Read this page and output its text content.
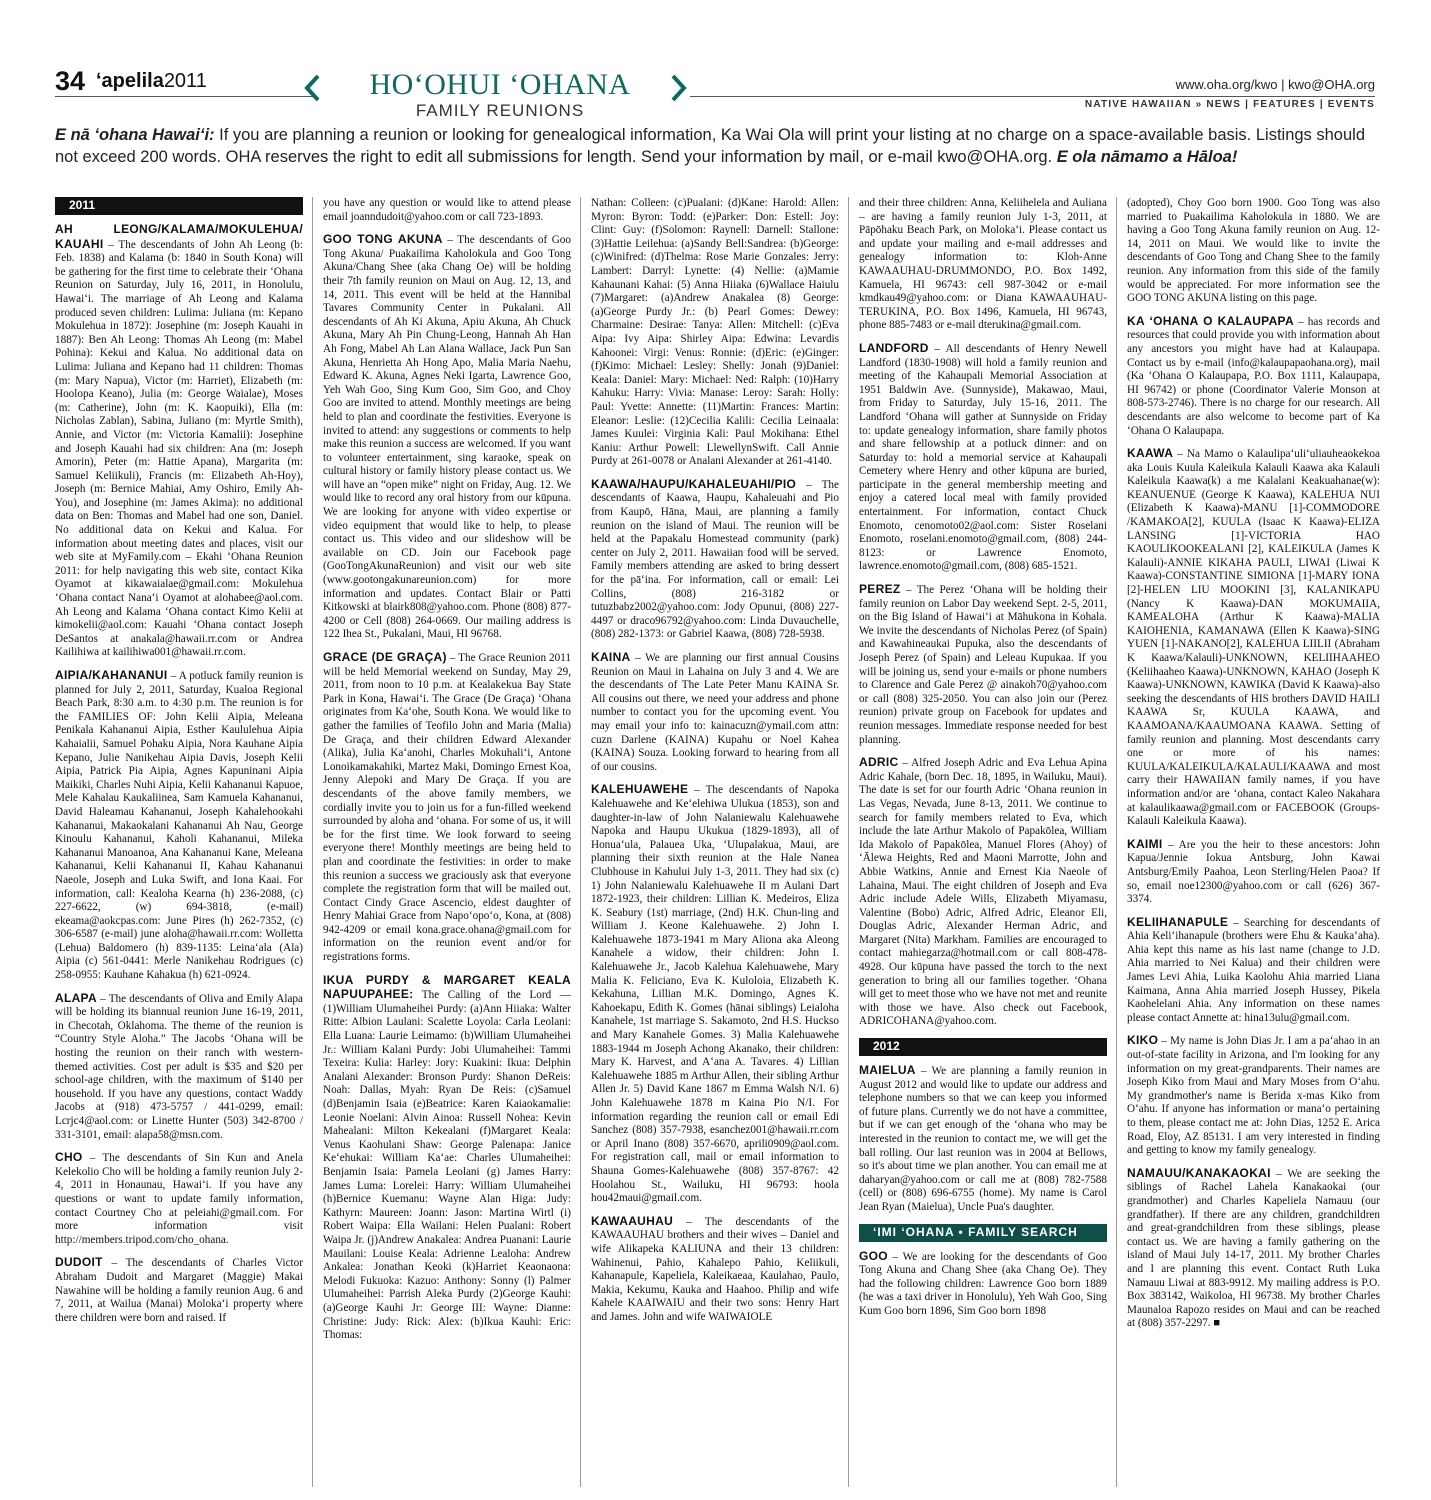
34 ʻapelila2011	HOʻOHUI ʻOHANA
FAMILY REUNIONS
www.oha.org/kwo | kwo@OHA.org
NATIVE HAWAIIAN » NEWS | FEATURES | EVENTS
E nā ʻohana Hawaiʻi: If you are planning a reunion or looking for genealogical information, Ka Wai Ola will print your listing at no charge on a space-available basis. Listings should not exceed 200 words. OHA reserves the right to edit all submissions for length. Send your information by mail, or e-mail kwo@OHA.org. E ola nāmamo a Hāloa!
2011

AH LEONG/KALAMA/MOKULEHUA/ KAUAHI – The descendants of John Ah Leong (b: Feb. 1838) and Kalama (b: 1840 in South Kona) will be gathering for the first time to celebrate their ʻOhana Reunion on Saturday, July 16, 2011, in Honolulu, Hawaiʻi. The marriage of Ah Leong and Kalama produced seven children: Lulima: Juliana (m: Kepano Mokulehua in 1872): Josephine (m: Joseph Kauahi in 1887): Ben Ah Leong: Thomas Ah Leong (m: Mabel Pohina): Kekui and Kalua. No additional data on Lulima: Juliana and Kepano had 11 children: Thomas (m: Mary Napua), Victor (m: Harriet), Elizabeth (m: Hoolopa Keano), Julia (m: George Waialae), Moses (m: Catherine), John (m: K. Kaopuiki), Ella (m: Nicholas Zablan), Sabina, Juliano (m: Myrtle Smith), Annie, and Victor (m: Victoria Kamalii): Josephine and Joseph Kauahi had six children: Ana (m: Joseph Amorin), Peter (m: Hattie Apana), Margarita (m: Samuel Keliikuli), Francis (m: Elizabeth Ah-Hoy), Joseph (m: Bernice Mahiai, Amy Oshiro, Emily Ah-You), and Josephine (m: James Akima): no additional data on Ben: Thomas and Mabel had one son, Daniel. No additional data on Kekui and Kalua. For information about meeting dates and places, visit our web site at MyFamily.com – Ekahi ʻOhana Reunion 2011: for help navigating this web site, contact Kika Oyamot at kikawaialae@gmail.com: Mokulehua ʻOhana contact Nanaʻi Oyamot at alohabee@aol.com. Ah Leong and Kalama ʻOhana contact Kimo Kelii at kimokelii@aol.com: Kauahi ʻOhana contact Joseph DeSantos at anakala@hawaii.rr.com or Andrea Kailihiwa at kailihiwa001@hawaii.rr.com.

AIPIA/KAHANANUI – A potluck family reunion is planned for July 2, 2011, Saturday, Kualoa Regional Beach Park, 8:30 a.m. to 4:30 p.m. The reunion is for the FAMILIES OF: John Kelii Aipia, Meleana Penikala Kahananui Aipia, Esther Kaululehua Aipia Kahaialii, Samuel Pohaku Aipia, Nora Kauhane Aipia Kepano, Julie Nanikehau Aipia Davis, Joseph Kelii Aipia, Patrick Pia Aipia, Agnes Kapuninani Aipia Maikiki, Charles Nuhi Aipia, Kelii Kahananui Kapuoe, Mele Kahalau Kaukaliinea, Sam Kamuela Kahananui, David Haleamau Kahananui, Joseph Kahalehookahi Kahananui, Makaokalani Kahananui Ah Nau, George Kinoulu Kahananui, Kaholi Kahananui, Mileka Kahananui Manoanoa, Ana Kahananui Kane, Meleana Kahananui, Kelii Kahananui II, Kahau Kahananui Naeole, Joseph and Luka Swift, and Iona Kaai. For information, call: Kealoha Kearna (h) 236-2088, (c) 227-6622, (w) 694-3818, (e-mail) ekeama@aokcpas.com: June Pires (h) 262-7352, (c) 306-6587 (e-mail) june aloha@hawaii.rr.com: Wolletta (Lehua) Baldomero (h) 839-1135: Leinaʻala (Ala) Aipia (c) 561-0441: Merle Nanikehau Rodrigues (c) 258-0955: Kauhane Kahakua (h) 621-0924.

ALAPA – The descendants of Oliva and Emily Alapa will be holding its biannual reunion June 16-19, 2011, in Checotah, Oklahoma. The theme of the reunion is “Country Style Aloha.” The Jacobs ʻOhana will be hosting the reunion on their ranch with western-themed activities. Cost per adult is $35 and $20 per school-age children, with the maximum of $140 per household. If you have any questions, contact Waddy Jacobs at (918) 473-5757 / 441-0299, email: Lcrjc4@aol.com: or Linette Hunter (503) 342-8700 / 331-3101, email: alapa58@msn.com.

CHO – The descendants of Sin Kun and Anela Kelekolio Cho will be holding a family reunion July 2-4, 2011 in Honaunau, Hawaiʻi. If you have any questions or want to update family information, contact Courtney Cho at peleiahi@gmail.com. For more information visit http://members.tripod.com/cho_ohana.

DUDOIT – The descendants of Charles Victor Abraham Dudoit and Margaret (Maggie) Makai Nawahine will be holding a family reunion Aug. 6 and 7, 2011, at Wailua (Manai) Molokaʻi property where there children were born and raised. If

you have any question or would like to attend please email joanndudoit@yahoo.com or call 723-1893.

GOO TONG AKUNA – The descendants of Goo Tong Akuna/ Puakailima Kaholokula and Goo Tong Akuna/Chang Shee (aka Chang Oe) will be holding their 7th family reunion on Maui on Aug. 12, 13, and 14, 2011. This event will be held at the Hannibal Tavares Community Center in Pukalani. All descendants of Ah Ki Akuna, Apiu Akuna, Ah Chuck Akuna, Mary Ah Pin Chung-Leong, Hannah Ah Han Ah Fong, Mabel Ah Lan Alana Wallace, Jack Pun San Akuna, Henrietta Ah Hong Apo, Malia Maria Naehu, Edward K. Akuna, Agnes Neki Igarta, Lawrence Goo, Yeh Wah Goo, Sing Kum Goo, Sim Goo, and Choy Goo are invited to attend. Monthly meetings are being held to plan and coordinate the festivities. Everyone is invited to attend: any suggestions or comments to help make this reunion a success are welcomed. If you want to volunteer entertainment, sing karaoke, speak on cultural history or family history please contact us. We will have an “open mike” night on Friday, Aug. 12. We would like to record any oral history from our kūpuna. We are looking for anyone with video expertise or video equipment that would like to help, to please contact us. This video and our slideshow will be available on CD. Join our Facebook page (GooTongAkunaReunion) and visit our web site (www.gootongakunareunion.com) for more information and updates. Contact Blair or Patti Kitkowski at blairk808@yahoo.com. Phone (808) 877-4200 or Cell (808) 264-0669. Our mailing address is 122 Ihea St., Pukalani, Maui, HI 96768.

GRACE (DE GRAÇA) – The Grace Reunion 2011 will be held Memorial weekend on Sunday, May 29, 2011, from noon to 10 p.m. at Kealakekua Bay State Park in Kona, Hawaiʻi. The Grace (De Graça) ʻOhana originates from Kaʻohe, South Kona. We would like to gather the families of Teofilo John and Maria (Malia) De Graça, and their children Edward Alexander (Alika), Julia Kaʻanohi, Charles Mokuhaliʻi, Antone Lonoikamakahiki, Martez Maki, Domingo Ernest Koa, Jenny Alepoki and Mary De Graça. If you are descendants of the above family members, we cordially invite you to join us for a fun-filled weekend surrounded by aloha and ʻohana. For some of us, it will be for the first time. We look forward to seeing everyone there! Monthly meetings are being held to plan and coordinate the festivities: in order to make this reunion a success we graciously ask that everyone complete the registration form that will be mailed out. Contact Cindy Grace Ascencio, eldest daughter of Henry Mahiai Grace from Napoʻopoʻo, Kona, at (808) 942-4209 or email kona.grace.ohana@gmail.com for information on the reunion event and/or for registrations forms.

IKUA PURDY & MARGARET KEALA NAPUUPAHEE: The Calling of the Lord — (1)William Ulumaheihei Purdy: (a)Ann Hiiaka: Walter Ritte: Albion Laulani: Scalette Loyola: Carla Leolani: Ella Luana: Laurie Leimamo: (b)William Ulumaheihei Jr.: William Kalani Purdy: Jobi Ulumaheihei: Tammi Texeira: Kulia: Harley: Jory: Kuakini: Ikua: Delphin Analani Alexander: Bronson Purdy: Shanon DeReis: Noah: Dallas, Myah: Ryan De Reis: (c)Samuel (d)Benjamin Isaia (e)Beatrice: Karen Kaiaokamalie: Leonie Noelani: Alvin Ainoa: Russell Nohea: Kevin Mahealani: Milton Kekealani (f)Margaret Keala: Venus Kaohulani Shaw: George Palenapa: Janice Keʻehukai: William Kaʻae: Charles Ulumaheihei: Benjamin Isaia: Pamela Leolani (g) James Harry: James Luma: Lorelei: Harry: William Ulumaheihei (h)Bernice Kuemanu: Wayne Alan Higa: Judy: Kathyrn: Maureen: Joann: Jason: Martina Wirtl (i) Robert Waipa: Ella Wailani: Helen Pualani: Robert Waipa Jr. (j)Andrew Anakalea: Andrea Puanani: Laurie Mauilani: Louise Keala: Adrienne Lealoha: Andrew Ankalea: Jonathan Keoki (k)Harriet Keaonaona: Melodi Fukuoka: Kazuo: Anthony: Sonny (l) Palmer Ulumaheihei: Parrish Aleka Purdy (2)George Kauhi: (a)George Kauhi Jr: George III: Wayne: Dianne: Christine: Judy: Rick: Alex: (b)Ikua Kauhi: Eric: Thomas:

Nathan: Colleen: (c)Pualani: (d)Kane: Harold: Allen: Myron: Byron: Todd: (e)Parker: Don: Estell: Joy: Clint: Guy: (f)Solomon: Raynell: Darnell: Stallone: (3)Hattie Leilehua: (a)Sandy Bell:Sandrea: (b)George: (c)Winifred: (d)Thelma: Rose Marie Gonzales: Jerry: Lambert: Darryl: Lynette: (4) Nellie: (a)Mamie Kahaunani Kahai: (5) Anna Hiiaka (6)Wallace Haiulu (7)Margaret: (a)Andrew Anakalea (8) George: (a)George Purdy Jr.: (b) Pearl Gomes: Dewey: Charmaine: Desirae: Tanya: Allen: Mitchell: (c)Eva Aipa: Ivy Aipa: Shirley Aipa: Edwina: Levardis Kahoonei: Virgi: Venus: Ronnie: (d)Eric: (e)Ginger: (f)Kimo: Michael: Lesley: Shelly: Jonah (9)Daniel: Keala: Daniel: Mary: Michael: Ned: Ralph: (10)Harry Kahuku: Harry: Vivia: Manase: Leroy: Sarah: Holly: Paul: Yvette: Annette: (11)Martin: Frances: Martin: Eleanor: Leslie: (12)Cecilia Kalili: Cecilia Leinaala: James Kuulei: Virginia Kali: Paul Mokihana: Ethel Kaniu: Arthur Powell: LlewellynSwift. Call Annie Purdy at 261-0078 or Analani Alexander at 261-4140.

KAAWA/HAUPU/KAHALEUAHI/PIO – The descendants of Kaawa, Haupu, Kahaleuahi and Pio from Kaupō, Hāna, Maui, are planning a family reunion on the island of Maui. The reunion will be held at the Papakalu Homestead community (park) center on July 2, 2011. Hawaiian food will be served. Family members attending are asked to bring dessert for the pāʻina. For information, call or email: Lei Collins, (808) 216-3182 or tutuzbabz2002@yahoo.com: Jody Opunui, (808) 227-4497 or draco96792@yahoo.com: Linda Duvauchelle, (808) 282-1373: or Gabriel Kaawa, (808) 728-5938.

KAINA – We are planning our first annual Cousins Reunion on Maui in Lahaina on July 3 and 4. We are the descendants of The Late Peter Manu KAINA Sr. All cousins out there, we need your address and phone number to contact you for the upcoming event. You may email your info to: kainacuzn@ymail.com attn: cuzn Darlene (KAINA) Kupahu or Noel Kahea (KAINA) Souza. Looking forward to hearing from all of our cousins.

KALEHUAWEHE – The descendants of Napoka Kalehuawehe and Keʻelehiwa Ulukua (1853), son and daughter-in-law of John Nalaniewalu Kalehuawehe Napoka and Haupu Ukukua (1829-1893), all of Honuaʻula, Palauea Uka, ʻUlupalakua, Maui, are planning their sixth reunion at the Hale Nanea Clubhouse in Kahului July 1-3, 2011. They had six (c) 1) John Nalaniewalu Kalehuawehe II m Aulani Dart 1872-1923, their children: Lillian K. Medeiros, Eliza K. Seabury (1st) marriage, (2nd) H.K. Chun-ling and William J. Keone Kalehuawehe. 2) John I. Kalehuawehe 1873-1941 m Mary Aliona aka Aleong Kanahele a widow, their children: John I. Kalehuawehe Jr., Jacob Kalehua Kalehuawehe, Mary Malia K. Feliciano, Eva K. Kuloloia, Elizabeth K. Kekahuna, Lillian M.K. Domingo, Agnes K. Kahoekapu, Edith K. Gomes (hānai siblings) Leialoha Kanahele, 1st marriage S. Sakamoto, 2nd H.S. Huckso and Mary Kanahele Gomes. 3) Malia Kalehuawehe 1883-1944 m Joseph Achong Akanako, their children: Mary K. Harvest, and Aʻana A. Tavares. 4) Lillian Kalehuawehe 1885 m Arthur Allen, their sibling Arthur Allen Jr. 5) David Kane 1867 m Emma Walsh N/I. 6) John Kalehuawehe 1878 m Kaina Pio N/I. For information regarding the reunion call or email Edi Sanchez (808) 357-7938, esanchez001@hawaii.rr.com or April Inano (808) 357-6670, aprili0909@aol.com. For registration call, mail or email information to Shauna Gomes-Kalehuawehe (808) 357-8767: 42 Hoolahou St., Wailuku, HI 96793: hoola hou42maui@gmail.com.

KAWAAUHAU – The descendants of the KAWAAUHAU brothers and their wives – Daniel and wife Alikapeka KALIUNA and their 13 children: Wahinenui, Pahio, Kahalepo Pahio, Keliikuli, Kahanapule, Kapeliela, Kaleikaeaa, Kaulahao, Paulo, Makia, Kekumu, Kauka and Haahoo. Philip and wife Kahele KAAIWAIU and their two sons: Henry Hart and James. John and wife WAIWAIOLE

and their three children: Anna, Keliihelela and Auliana – are having a family reunion July 1-3, 2011, at Pāpōhaku Beach Park, on Molokaʻi. Please contact us and update your mailing and e-mail addresses and genealogy information to: Kloh-Anne KAWAAUHAU-DRUMMONDO, P.O. Box 1492, Kamuela, HI 96743: cell 987-3042 or e-mail kmdkau49@yahoo.com: or Diana KAWAAUHAU-TERUKINA, P.O. Box 1496, Kamuela, HI 96743, phone 885-7483 or e-mail dterukina@gmail.com.

LANDFORD – All descendants of Henry Newell Landford (1830-1908) will hold a family reunion and meeting of the Kahaupali Memorial Association at 1951 Baldwin Ave. (Sunnyside), Makawao, Maui, from Friday to Saturday, July 15-16, 2011. The Landford ʻOhana will gather at Sunnyside on Friday to: update genealogy information, share family photos and share fellowship at a potluck dinner: and on Saturday to: hold a memorial service at Kahaupali Cemetery where Henry and other kūpuna are buried, participate in the general membership meeting and enjoy a catered local meal with family provided entertainment. For information, contact Chuck Enomoto, cenomoto02@aol.com: Sister Roselani Enomoto, roselani.enomoto@gmail.com, (808) 244-8123: or Lawrence Enomoto, lawrence.enomoto@gmail.com, (808) 685-1521.

PEREZ – The Perez ʻOhana will be holding their family reunion on Labor Day weekend Sept. 2-5, 2011, on the Big Island of Hawaiʻi at Māhukona in Kohala. We invite the descendants of Nicholas Perez (of Spain) and Kawahineaukai Pupuka, also the descendants of Joseph Perez (of Spain) and Leleau Kupukaa. If you will be joining us, send your e-mails or phone numbers to Clarence and Gale Perez @ ainakoh70@yahoo.com or call (808) 325-2050. You can also join our (Perez reunion) private group on Facebook for updates and reunion messages. Immediate response needed for best planning.

ADRIC – Alfred Joseph Adric and Eva Lehua Apina Adric Kahale, (born Dec. 18, 1895, in Wailuku, Maui). The date is set for our fourth Adric ʻOhana reunion in Las Vegas, Nevada, June 8-13, 2011. We continue to search for family members related to Eva, which include the late Arthur Makolo of Papakōlea, William Ida Makolo of Papakōlea, Manuel Flores (Ahoy) of ʻĀlewa Heights, Red and Maoni Marrotte, John and Abbie Watkins, Annie and Ernest Kia Naeole of Lahaina, Maui. The eight children of Joseph and Eva Adric include Adele Wills, Elizabeth Miyamasu, Valentine (Bobo) Adric, Alfred Adric, Eleanor Eli, Douglas Adric, Alexander Herman Adric, and Margaret (Nita) Markham. Families are encouraged to contact mahiegarza@hotmail.com or call 808-478-4928. Our kūpuna have passed the torch to the next generation to bring all our families together. ʻOhana will get to meet those who we have not met and reunite with those we have. Also check out Facebook, ADRICOHANA@yahoo.com.

2012

MAIELUA – We are planning a family reunion in August 2012 and would like to update our address and telephone numbers so that we can keep you informed of future plans. Currently we do not have a committee, but if we can get enough of the ʻohana who may be interested in the reunion to contact me, we will get the ball rolling. Our last reunion was in 2004 at Bellows, so it's about time we plan another. You can email me at daharyan@yahoo.com or call me at (808) 782-7588 (cell) or (808) 696-6755 (home). My name is Carol Jean Ryan (Maielua), Uncle Pua's daughter.

ʻIMI ʻOHANA • FAMILY SEARCH

GOO – We are looking for the descendants of Goo Tong Akuna and Chang Shee (aka Chang Oe). They had the following children: Lawrence Goo born 1889 (he was a taxi driver in Honolulu), Yeh Wah Goo, Sing Kum Goo born 1896, Sim Goo born 1898

(adopted), Choy Goo born 1900. Goo Tong was also married to Puakailima Kaholokula in 1880. We are having a Goo Tong Akuna family reunion on Aug. 12-14, 2011 on Maui. We would like to invite the descendants of Goo Tong and Chang Shee to the family reunion. Any information from this side of the family would be appreciated. For more information see the GOO TONG AKUNA listing on this page.

KA ʻOHANA O KALAUPAPA – has records and resources that could provide you with information about any ancestors you might have had at Kalaupapa. Contact us by e-mail (info@kalaupapaohana.org), mail (Ka ʻOhana O Kalaupapa, P.O. Box 1111, Kalaupapa, HI 96742) or phone (Coordinator Valerie Monson at 808-573-2746). There is no charge for our research. All descendants are also welcome to become part of Ka ʻOhana O Kalaupapa.

KAAWA – Na Mamo o Kalaulipaʻuliʻuliauheaokekoa aka Louis Kuula Kaleikula Kalauli Kaawa aka Kalauli Kaleikula Kaawa(k) a me Kalalani Keakuahanae(w): KEANUENUE (George K Kaawa), KALEHUA NUI (Elizabeth K Kaawa)-MANU [1]-COMMODORE /KAMAKOA[2], KUULA (Isaac K Kaawa)-ELIZA LANSING [1]-VICTORIA HAO KAOULIKOOKEALANI [2], KALEIKULA (James K Kalauli)-ANNIE KIKAHA PAULI, LIWAI (Liwai K Kaawa)-CONSTANTINE SIMIONA [1]-MARY IONA [2]-HELEN LIU MOOKINI [3], KALANIKAPU (Nancy K Kaawa)-DAN MOKUMAIIA, KAMEALOHA (Arthur K Kaawa)-MALIA KAIOHENIA, KAMANAWA (Ellen K Kaawa)-SING YUEN [1]-NAKANO[2], KALEHUA LIILII (Abraham K Kaawa/Kalauli)-UNKNOWN, KELIIHAAHEO (Keliihaaheo Kaawa)-UNKNOWN, KAHAO (Joseph K Kaawa)-UNKNOWN, KAWIKA (David K Kaawa)-also seeking the descendants of HIS brothers DAVID HAILI KAAWA Sr, KUULA KAAWA, and KAAMOANA/KAAUMOANA KAAWA. Setting of family reunion and planning. Most descendants carry one or more of his names: KUULA/KALEIKULA/KALAULI/KAAWA and most carry their HAWAIIAN family names, if you have information and/or are ʻohana, contact Kaleo Nakahara at kalaulikaawa@gmail.com or FACEBOOK (Groups-Kalauli Kaleikula Kaawa).

KAIMI – Are you the heir to these ancestors: John Kapua/Jennie Iokua Antsburg, John Kawai Antsburg/Emily Paahoa, Leon Sterling/Helen Paoa? If so, email noe12300@yahoo.com or call (626) 367-3374.

KELIIHANAPULE – Searching for descendants of Ahia Keliʻihanapule (brothers were Ehu & Kaukaʻaha). Ahia kept this name as his last name (change to J.D. Ahia married to Nei Kalua) and their children were James Levi Ahia, Luika Kaolohu Ahia married Liana Kaimana, Anna Ahia married Joseph Hussey, Pikela Kaohelelani Ahia. Any information on these names please contact Annette at: hina13ulu@gmail.com.

KIKO – My name is John Dias Jr. I am a paʻahao in an out-of-state facility in Arizona, and I'm looking for any information on my great-grandparents. Their names are Joseph Kiko from Maui and Mary Moses from Oʻahu. My grandmother's name is Berida x-mas Kiko from Oʻahu. If anyone has information or manaʻo pertaining to them, please contact me at: John Dias, 1252 E. Arica Road, Eloy, AZ 85131. I am very interested in finding and getting to know my family genealogy.

NAMAUU/KANAKAOKAI – We are seeking the siblings of Rachel Lahela Kanakaokai (our grandmother) and Charles Kapeliela Namauu (our grandfather). If there are any children, grandchildren and great-grandchildren from these siblings, please contact us. We are having a family gathering on the island of Maui July 14-17, 2011. My brother Charles and I are planning this event. Contact Ruth Luka Namauu Liwai at 883-9912. My mailing address is P.O. Box 383142, Waikoloa, HI 96738. My brother Charles Maunaloa Rapozo resides on Maui and can be reached at (808) 357-2297. ■
